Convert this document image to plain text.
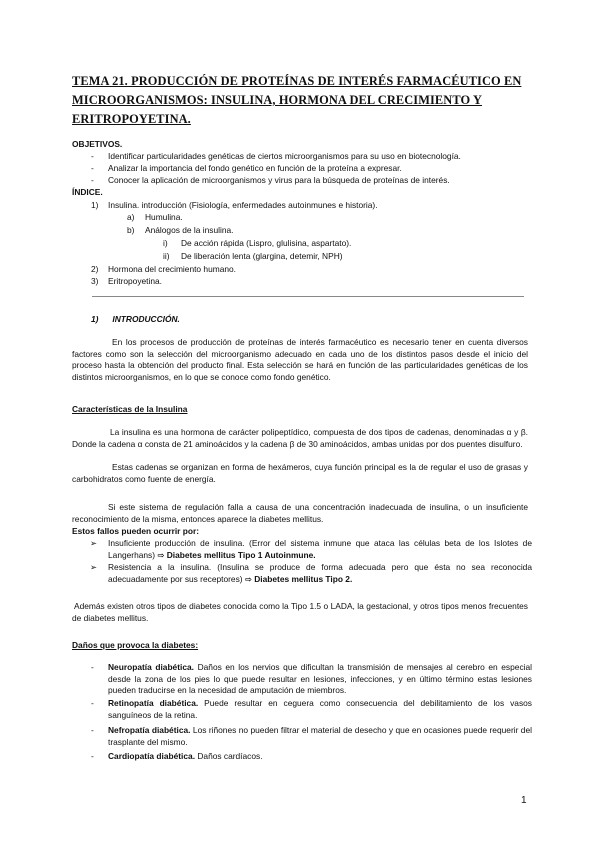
TEMA 21. PRODUCCIÓN DE PROTEÍNAS DE INTERÉS FARMACÉUTICO EN MICROORGANISMOS: INSULINA, HORMONA DEL CRECIMIENTO Y ERITROPOYETINA.
OBJETIVOS.
- Identificar particularidades genéticas de ciertos microorganismos para su uso en biotecnología.
- Analizar la importancia del fondo genético en función de la proteína a expresar.
- Conocer la aplicación de microorganismos y virus para la búsqueda de proteínas de interés.
ÍNDICE.
1) Insulina. introducción (Fisiología, enfermedades autoinmunes e historia).
a) Humulina.
b) Análogos de la insulina.
i) De acción rápida (Lispro, glulisina, aspartato).
ii) De liberación lenta (glargina, detemir, NPH)
2) Hormona del crecimiento humano.
3) Eritropoyetina.
1)      INTRODUCCIÓN.
En los procesos de producción de proteínas de interés farmacéutico es necesario tener en cuenta diversos factores como son la selección del microorganismo adecuado en cada uno de los distintos pasos desde el inicio del proceso hasta la obtención del producto final. Esta selección se hará en función de las particularidades genéticas de los distintos microorganismos, en lo que se conoce como fondo genético.
Características de la Insulina
La insulina es una hormona de carácter polipeptídico, compuesta de dos tipos de cadenas, denominadas α y β. Donde la cadena α consta de 21 aminoácidos y la cadena β de 30 aminoácidos, ambas unidas por dos puentes disulfuro.
Estas cadenas se organizan en forma de hexámeros, cuya función principal es la de regular el uso de grasas y carbohidratos como fuente de energía.
Si este sistema de regulación falla a causa de una concentración inadecuada de insulina, o un insuficiente reconocimiento de la misma, entonces aparece la diabetes mellitus.
Estos fallos pueden ocurrir por:
➢ Insuficiente producción de insulina. (Error del sistema inmune que ataca las células beta de los Islotes de Langerhans) ⇨ Diabetes mellitus Tipo 1 Autoinmune.
➢ Resistencia a la insulina. (Insulina se produce de forma adecuada pero que ésta no sea reconocida adecuadamente por sus receptores) ⇨ Diabetes mellitus Tipo 2.
Además existen otros tipos de diabetes conocida como la Tipo 1.5 o LADA, la gestacional, y otros tipos menos frecuentes de diabetes mellitus.
Daños que provoca la diabetes:
- Neuropatía diabética. Daños en los nervios que dificultan la transmisión de mensajes al cerebro en especial desde la zona de los pies lo que puede resultar en lesiones, infecciones, y en último término estas lesiones pueden traducirse en la necesidad de amputación de miembros.
- Retinopatía diabética. Puede resultar en ceguera como consecuencia del debilitamiento de los vasos sanguíneos de la retina.
- Nefropatía diabética. Los riñones no pueden filtrar el material de desecho y que en ocasiones puede requerir del trasplante del mismo.
- Cardiopatía diabética. Daños cardíacos.
1
